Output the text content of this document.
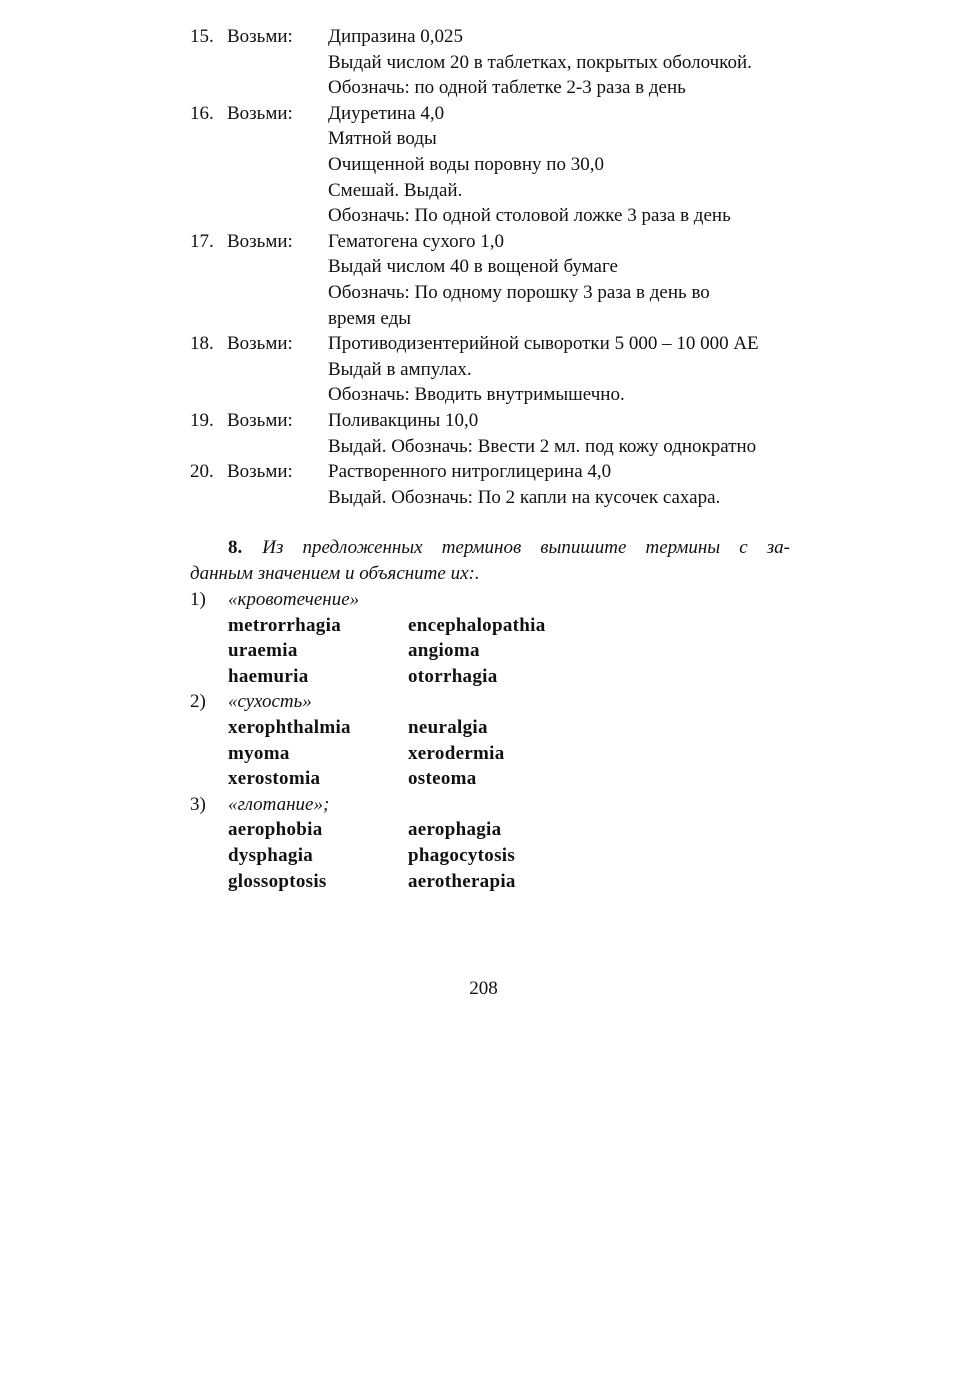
15. Возьми:	Дипразина 0,025
Выдай числом 20 в таблетках, покрытых оболочкой.
Обозначь: по одной таблетке 2-3 раза в день
16. Возьми:	Диуретина 4,0
Мятной воды
Очищенной воды поровну по 30,0
Смешай. Выдай.
Обозначь: По одной столовой ложке 3 раза в день
17. Возьми:	Гематогена сухого 1,0
Выдай числом 40 в вощеной бумаге
Обозначь: По одному порошку 3 раза в день во
время еды
18. Возьми:	Противодизентерийной сыворотки 5 000 – 10 000 АЕ
Выдай в ампулах.
Обозначь: Вводить внутримышечно.
19. Возьми:	Поливакцины 10,0
Выдай. Обозначь: Ввести 2 мл. под кожу однократно
20. Возьми:	Растворенного нитроглицерина 4,0
Выдай. Обозначь: По 2 капли на кусочек сахара.
8. Из предложенных терминов выпишите термины с за-
данным значением и объясните их:.
1) «кровотечение»
metrorrhagia	encephalopathia
uraemia	angioma
haemuria	otorrhagia
2) «сухость»
xerophthalmia	neuralgia
myoma	xerodermia
xerostomia	osteoma
3) «глотание»;
aerophobia	aerophagia
dysphagia	phagocytosis
glossoptosis	aerotherapia
208
